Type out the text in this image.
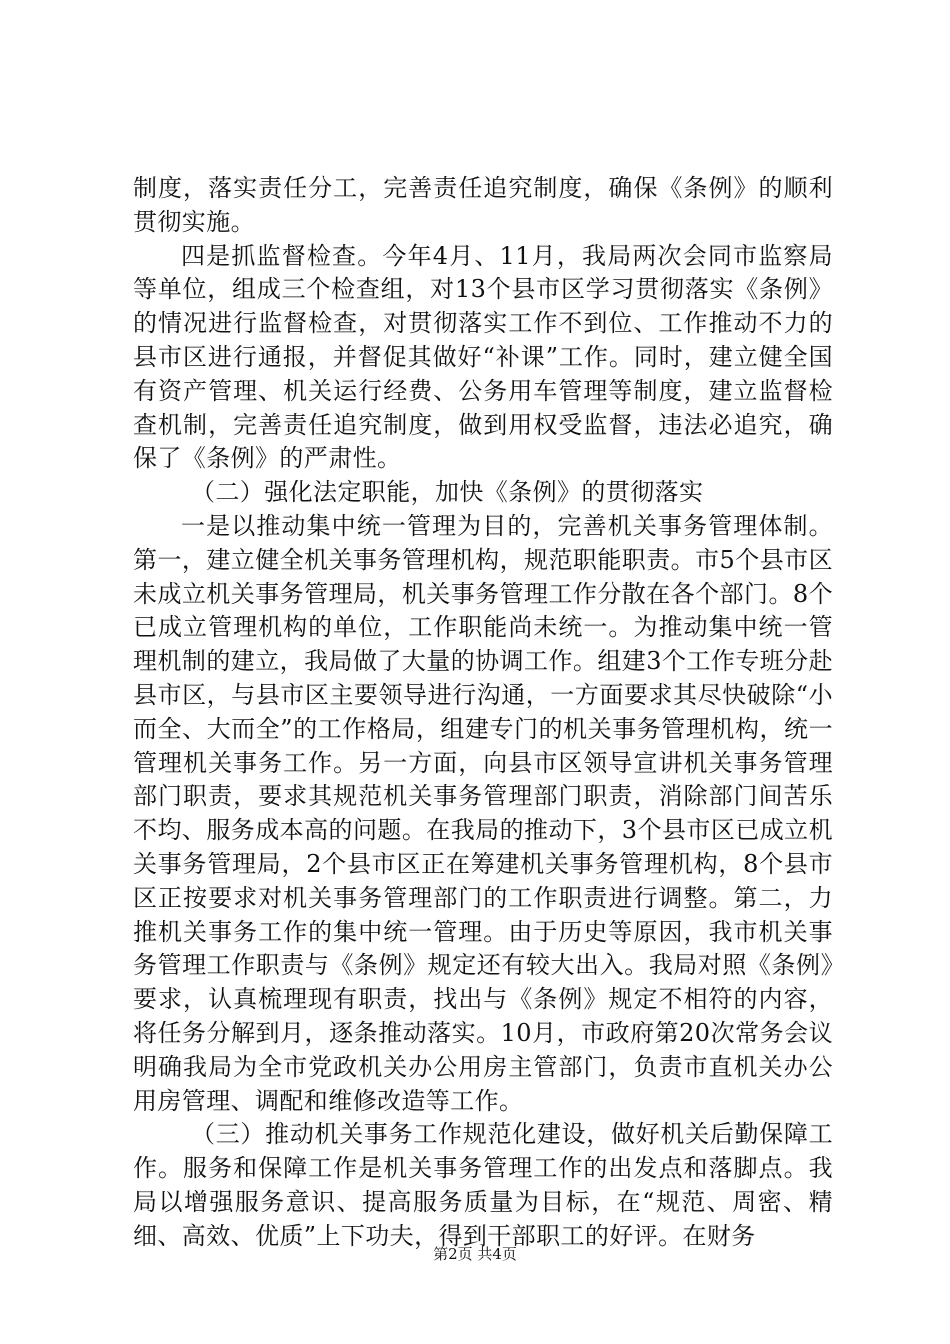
制度，落实责任分工，完善责任追究制度，确保《条例》的顺利贯彻实施。

四是抓监督检查。今年4月、11月，我局两次会同市监察局等单位，组成三个检查组，对13个县市区学习贯彻落实《条例》的情况进行监督检查，对贯彻落实工作不到位、工作推动不力的县市区进行通报，并督促其做好“补课”工作。同时，建立健全国有资产管理、机关运行经费、公务用车管理等制度，建立监督检查机制，完善责任追究制度，做到用权受监督，违法必追究，确保了《条例》的严肃性。

（二）强化法定职能，加快《条例》的贯彻落实

一是以推动集中统一管理为目的，完善机关事务管理体制。第一，建立健全机关事务管理机构，规范职能职责。市5个县市区未成立机关事务管理局，机关事务管理工作分散在各个部门。8个已成立管理机构的单位，工作职能尚未统一。为推动集中统一管理机制的建立，我局做了大量的协调工作。组建3个工作专班分赴县市区，与县市区主要领导进行沟通，一方面要求其尽快破除“小而全、大而全”的工作格局，组建专门的机关事务管理机构，统一管理机关事务工作。另一方面，向县市区领导宣讲机关事务管理部门职责，要求其规范机关事务管理部门职责，消除部门间苦乐不均、服务成本高的问题。在我局的推动下，3个县市区已成立机关事务管理局，2个县市区正在筹建机关事务管理机构，8个县市区正按要求对机关事务管理部门的工作职责进行调整。第二，力推机关事务工作的集中统一管理。由于历史等原因，我市机关事务管理工作职责与《条例》规定还有较大出入。我局对照《条例》要求，认真梳理现有职责，找出与《条例》规定不相符的内容，将任务分解到月，逐条推动落实。10月，市政府第20次常务会议明确我局为全市党政机关办公用房主管部门，负责市直机关办公用房管理、调配和维修改造等工作。

（三）推动机关事务工作规范化建设，做好机关后勤保障工作。服务和保障工作是机关事务管理工作的出发点和落脚点。我局以增强服务意识、提高服务质量为目标，在“规范、周密、精细、高效、优质”上下功夫，得到干部职工的好评。在财务

第2页 共4页
